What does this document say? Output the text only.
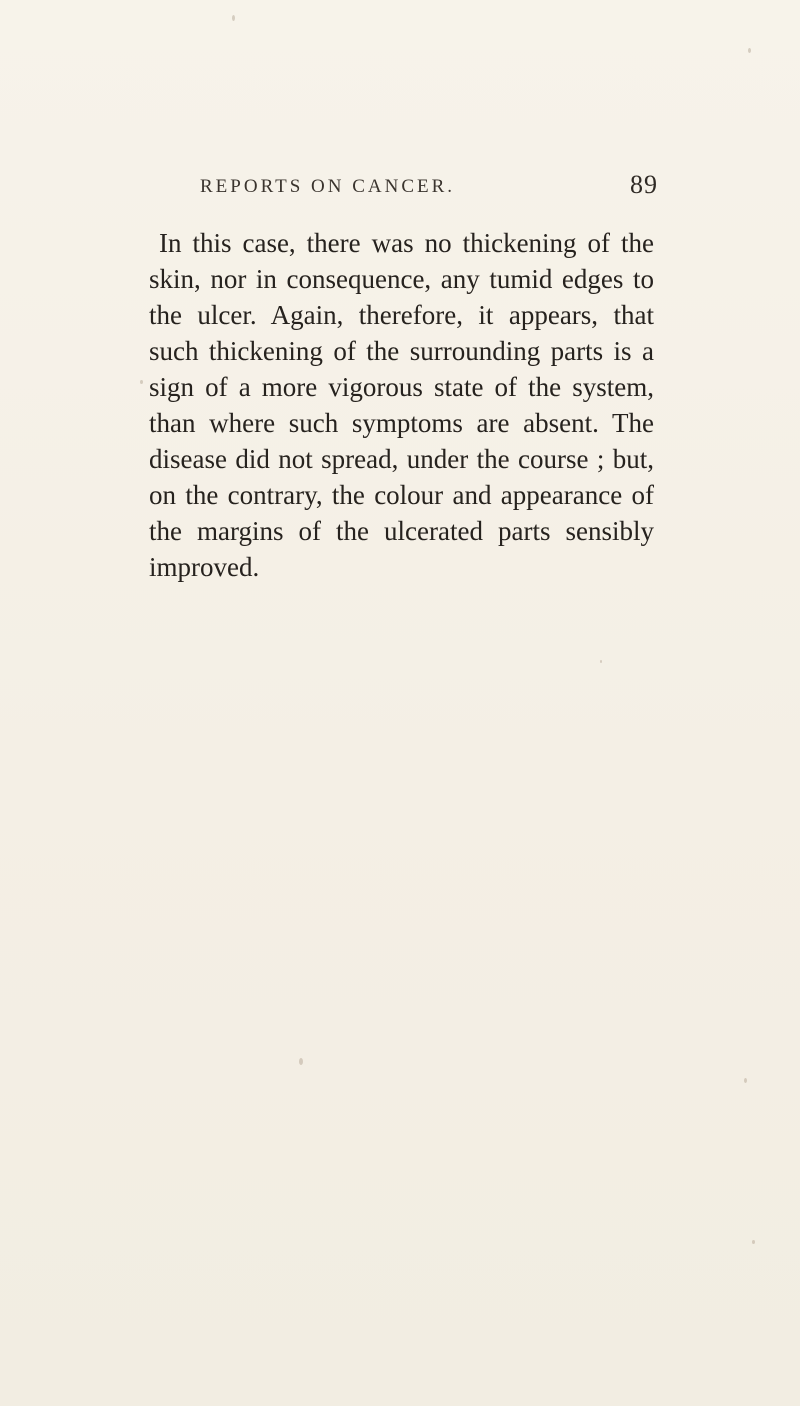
REPORTS ON CANCER.	89
In this case, there was no thickening of the
skin, nor in consequence, any tumid edges to
the ulcer. Again, therefore, it appears, that
such thickening of the surrounding parts is a
sign of a more vigorous state of the system,
than where such symptoms are absent. The
disease did not spread, under the course ; but,
on the contrary, the colour and appearance of
the margins of the ulcerated parts sensibly
improved.
